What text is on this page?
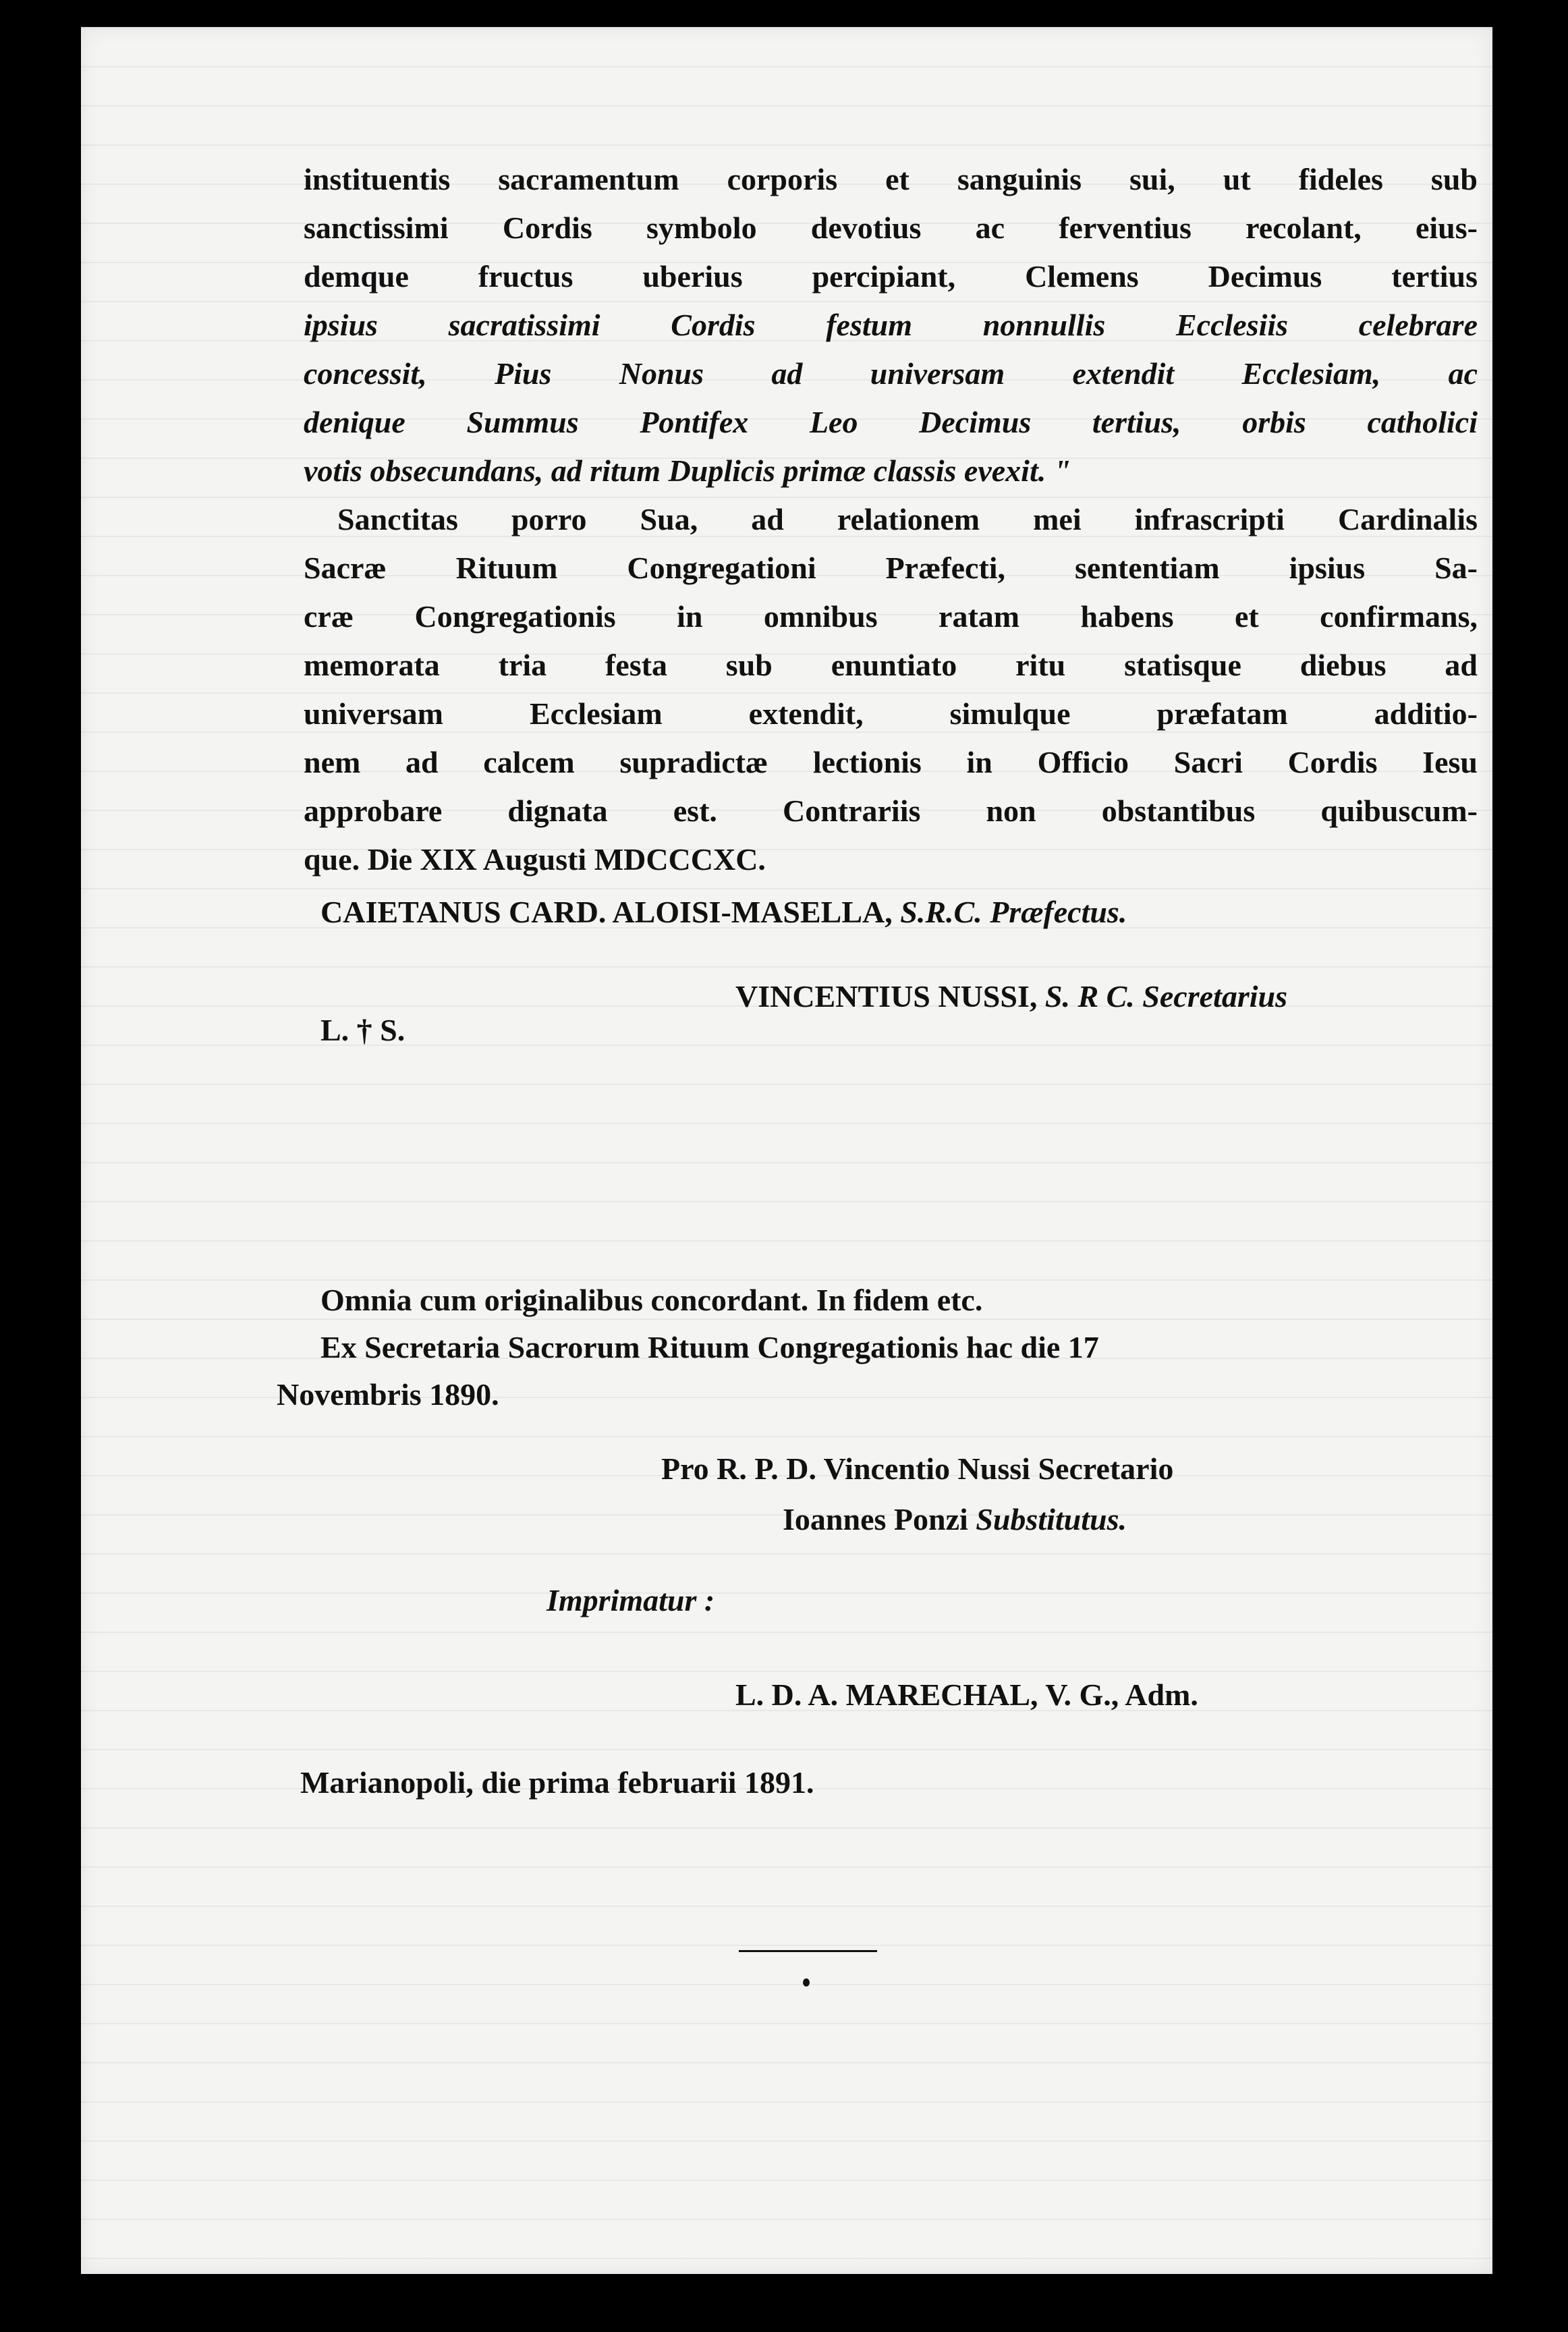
instituentis sacramentum corporis et sanguinis sui, ut fideles sub
sanctissimi Cordis symbolo devotius ac ferventius recolant, eius-
demque fructus uberius percipiant, Clemens Decimus tertius
ipsius sacratissimi Cordis festum nonnullis Ecclesiis celebrare
concessit, Pius Nonus ad universam extendit Ecclesiam, ac
denique Summus Pontifex Leo Decimus tertius, orbis catholici
votis obsecundans, ad ritum Duplicis primæ classis evexit. "
Sanctitas porro Sua, ad relationem mei infrascripti Cardinalis
Sacræ Rituum Congregationi Præfecti, sententiam ipsius Sa-
cræ Congregationis in omnibus ratam habens et confirmans,
memorata tria festa sub enuntiato ritu statisque diebus ad
universam Ecclesiam extendit, simulque præfatam additio-
nem ad calcem supradictæ lectionis in Officio Sacri Cordis Iesu
approbare dignata est. Contrariis non obstantibus quibuscum-
que. Die XIX Augusti MDCCCXC.
CAIETANUS CARD. ALOISI-MASELLA, S.R.C. Præfectus.
VINCENTIUS NUSSI, S. R C. Secretarius
L. † S.
Omnia cum originalibus concordant. In fidem etc.
Ex Secretaria Sacrorum Rituum Congregationis hac die 17
Novembris 1890.
Pro R. P. D. Vincentio Nussi Secretario
Ioannes Ponzi Substitutus.
Imprimatur :
L. D. A. MARECHAL, V. G., Adm.
Marianopoli, die prima februarii 1891.
